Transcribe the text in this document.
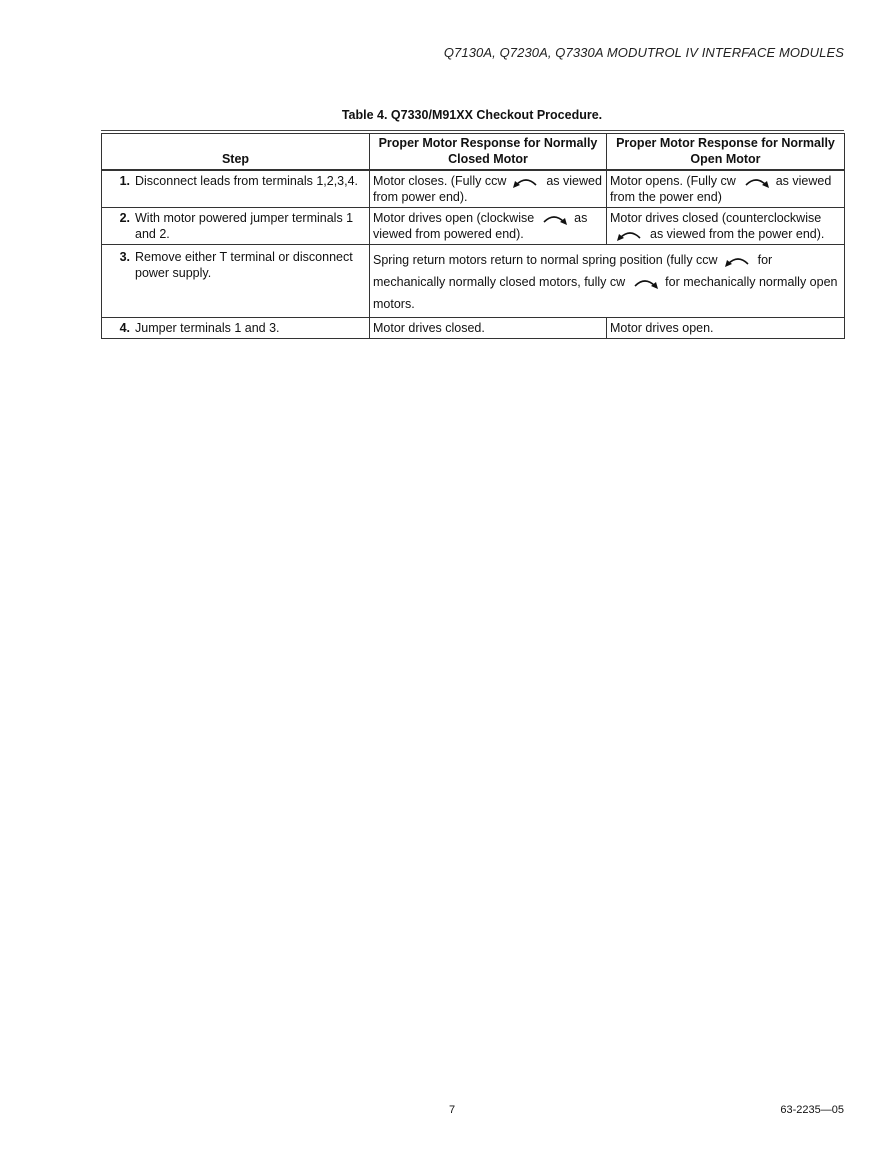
Q7130A, Q7230A, Q7330A MODUTROL IV INTERFACE MODULES
Table 4. Q7330/M91XX Checkout Procedure.
Step	Proper Motor Response for Normally Closed Motor	Proper Motor Response for Normally Open Motor

1. Disconnect leads from terminals 1,2,3,4.	Motor closes. (Fully ccw as viewed from power end).	Motor opens. (Fully cw as viewed from the power end)

2. With motor powered jumper terminals 1 and 2.	Motor drives open (clockwise as viewed from powered end).	Motor drives closed (counterclockwiseas viewed from the power end).

3. Remove either T terminal or disconnect power supply.	Spring return motors return to normal spring position (fully ccw for mechanically normally closed motors, fully cw for mechanically normally open motors.	

4. Jumper terminals 1 and 3.	Motor drives closed.	Motor drives open.
7	63-2235—05
